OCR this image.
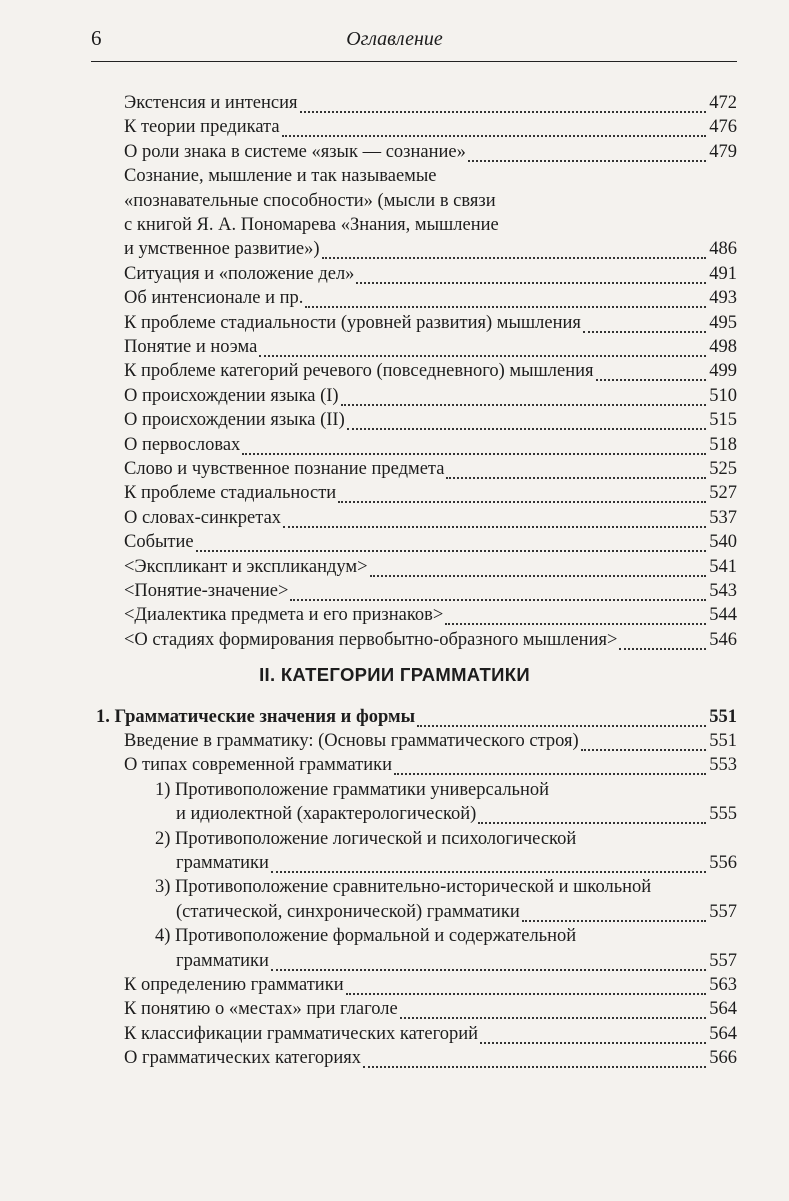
6	Оглавление
Экстенсия и интенсия	472
К теории предиката	476
О роли знака в системе «язык — сознание»	479
Сознание, мышление и так называемые
«познавательные способности» (мысли в связи
с книгой Я. А. Пономарева «Знания, мышление
и умственное развитие»)	486
Ситуация и «положение дел»	491
Об интенсионале и пр.	493
К проблеме стадиальности (уровней развития) мышления	495
Понятие и ноэма	498
К проблеме категорий речевого (повседневного) мышления	499
О происхождении языка (I)	510
О происхождении языка (II)	515
О первословах	518
Слово и чувственное познание предмета	525
К проблеме стадиальности	527
О словах-синкретах	537
Событие	540
<Экспликант и экспликандум>	541
<Понятие-значение>	543
<Диалектика предмета и его признаков>	544
<О стадиях формирования первобытно-образного мышления>	546
II. КАТЕГОРИИ ГРАММАТИКИ
1. Грамматические значения и формы	551
Введение в грамматику: (Основы грамматического строя)	551
О типах современной грамматики	553
1) Противоположение грамматики универсальной
и идиолектной (характерологической)	555
2) Противоположение логической и психологической
грамматики	556
3) Противоположение сравнительно-исторической и школьной
(статической, синхронической) грамматики	557
4) Противоположение формальной и содержательной
грамматики	557
К определению грамматики	563
К понятию о «местах» при глаголе	564
К классификации грамматических категорий	564
О грамматических категориях	566
